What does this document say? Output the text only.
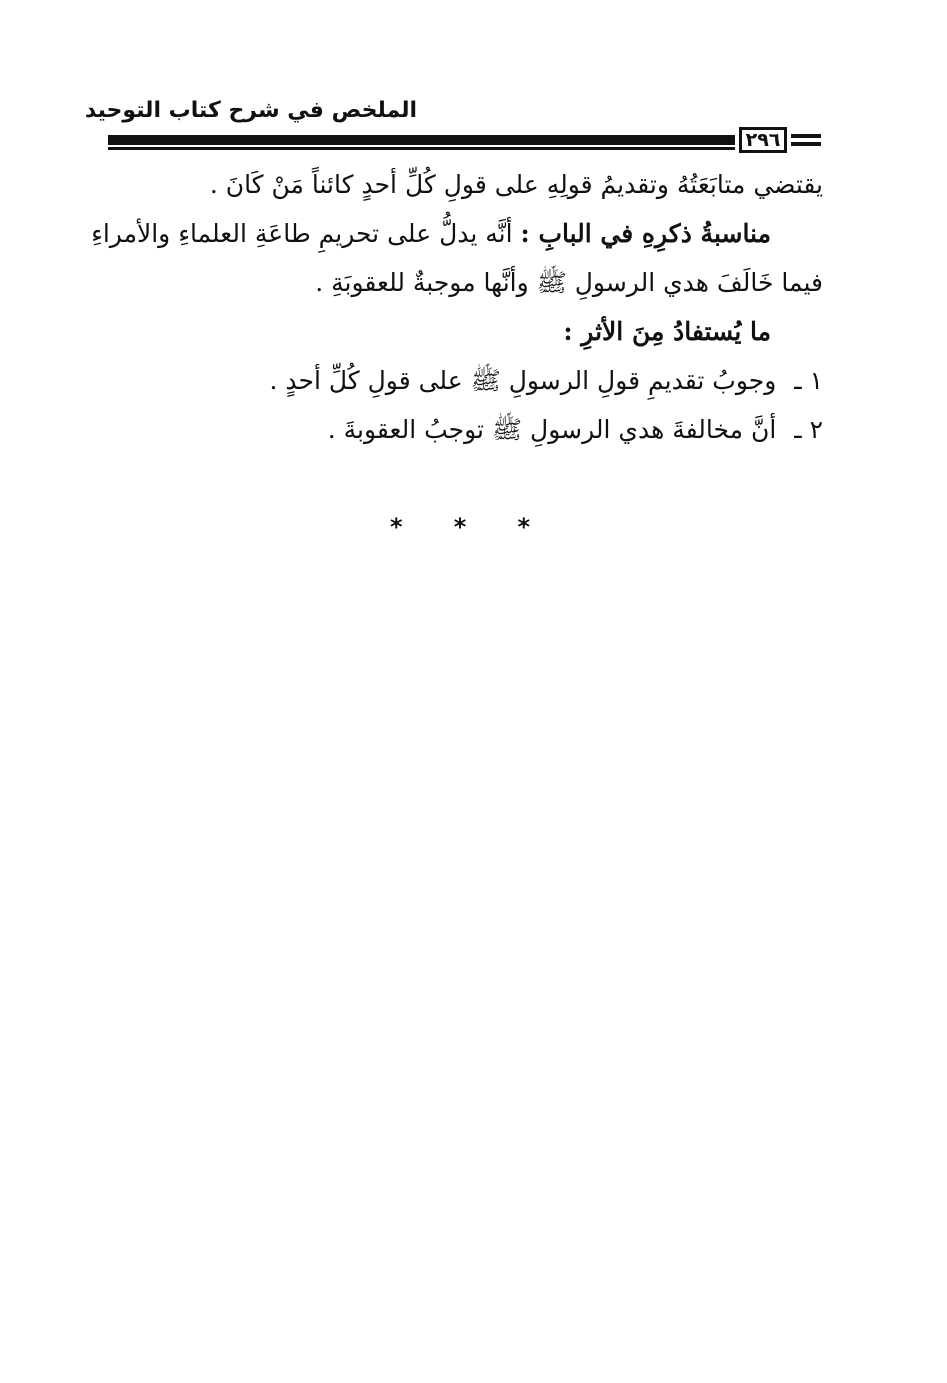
الملخص في شرح كتاب التوحيد
٢٩٦
يقتضي متابَعَتُهُ وتقديمُ قولِهِ على قولِ كُلِّ أحدٍ كائناً مَنْ كَانَ .
مناسبةُ ذكرِهِ في البابِ : أنَّه يدلُّ على تحريمِ طاعَةِ العلماءِ والأمراءِ
فيما خَالَفَ هدي الرسولِ ﷺ وأنَّها موجبةٌ للعقوبَةِ .
ما يُستفادُ مِنَ الأثرِ :
١ ـوجوبُ تقديمِ قولِ الرسولِ ﷺ على قولِ كُلِّ أحدٍ .
٢ ـأنَّ مخالفةَ هدي الرسولِ ﷺ توجبُ العقوبةَ .
* * *
